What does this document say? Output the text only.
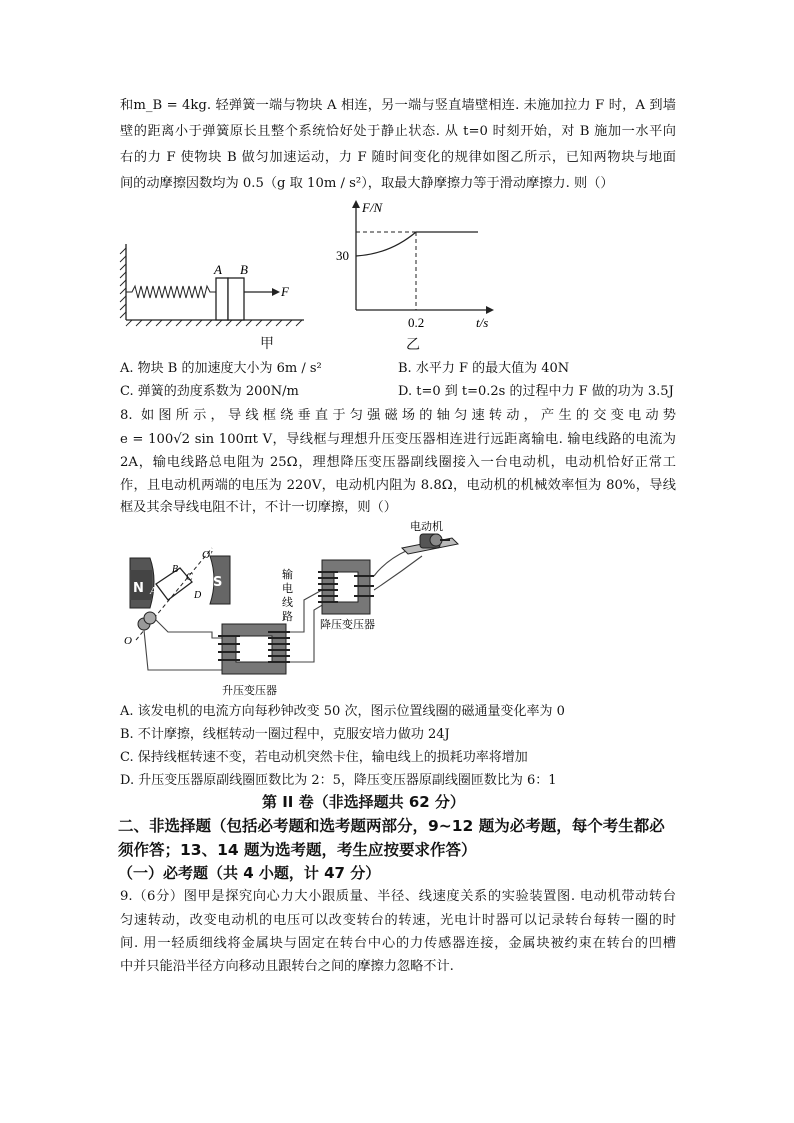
和m_B = 4kg. 轻弹簧一端与物块 A 相连，另一端与竖直墙壁相连. 未施加拉力 F 时，A 到墙

壁的距离小于弹簧原长且整个系统恰好处于静止状态. 从 t=0 时刻开始，对 B 施加一水平向

右的力 F 使物块 B 做匀加速运动，力 F 随时间变化的规律如图乙所示，已知两物块与地面

间的动摩擦因数均为 0.5（g 取 10m / s²），取最大静摩擦力等于滑动摩擦力. 则（）

A B
F
甲
F/N
30
0.2	t/s
乙
A. 物块 B 的加速度大小为 6m / s²	B. 水平力 F 的最大值为 40N
C. 弹簧的劲度系数为 200N/m	D. t=0 到 t=0.2s 的过程中力 F 做的功为 3.5J

8. 如图所示，导线框绕垂直于匀强磁场的轴匀速转动，产生的交变电动势

e = 100√2 sin 100πt V，导线框与理想升压变压器相连进行远距离输电. 输电线路的电流为

2A，输电线路总电阻为 25Ω，理想降压变压器副线圈接入一台电动机，电动机恰好正常工

作，且电动机两端的电压为 220V，电动机内阻为 8.8Ω，电动机的机械效率恒为 80%，导线

框及其余导线电阻不计，不计一切摩擦，则（）

N	S
O'
O
A
B
C
D
升压变压器
输
电
线
路
降压变压器
电动机
A. 该发电机的电流方向每秒钟改变 50 次，图示位置线圈的磁通量变化率为 0
B. 不计摩擦，线框转动一圈过程中，克服安培力做功 24J
C. 保持线框转速不变，若电动机突然卡住，输电线上的损耗功率将增加
D. 升压变压器原副线圈匝数比为 2：5，降压变压器原副线圈匝数比为 6：1
第 II 卷（非选择题共 62 分）
二、非选择题（包括必考题和选考题两部分，9~12 题为必考题，每个考生都必
须作答；13、14 题为选考题，考生应按要求作答）
（一）必考题（共 4 小题，计 47 分）

9.（6分）图甲是探究向心力大小跟质量、半径、线速度关系的实验装置图. 电动机带动转台

匀速转动，改变电动机的电压可以改变转台的转速，光电计时器可以记录转台每转一圈的时

间. 用一轻质细线将金属块与固定在转台中心的力传感器连接，金属块被约束在转台的凹槽

中并只能沿半径方向移动且跟转台之间的摩擦力忽略不计.
